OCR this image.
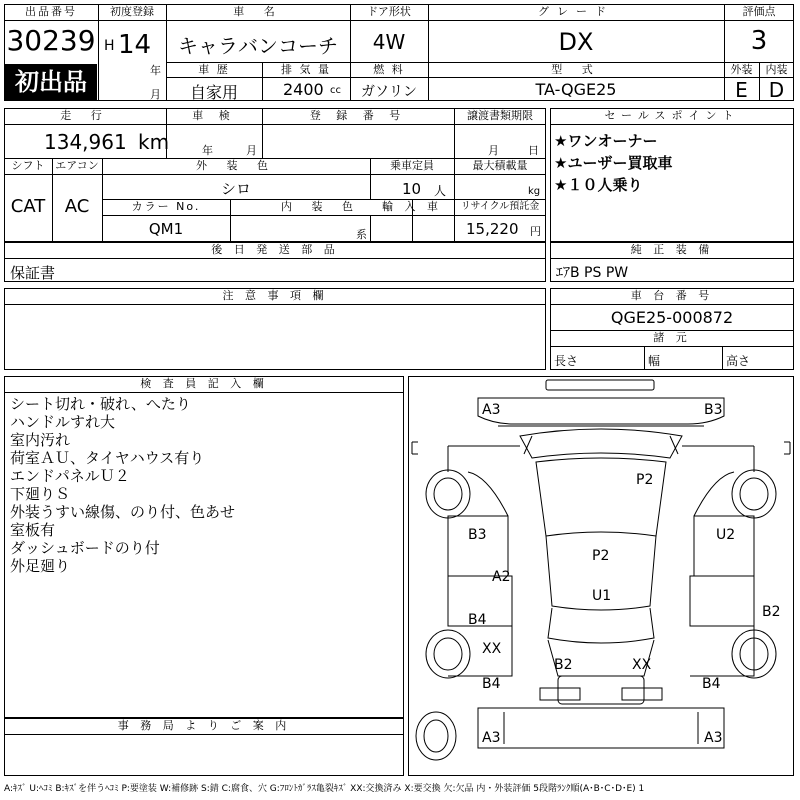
出品番号
30239
初出品
初度登録
H 14
年
月
車 名
キャラバンコーチ
ドア形状
4W
グレード
DX
評価点
3
車 歴
自家用
排 気 量
2400 cc
燃 料
ガソリン
型 式
TA-QGE25
外装	内装
E	D
走 行
134,961 km
車 検
年	月
登 録 番 号	譲渡書類期限
月	日
シフト
CAT
エアコン
AC
外 装 色
シロ
乗車定員
10 人
最大積載量
kg
カラー No.
QM1
内 装 色
系
輸 入 車	リサイクル預託金
15,220 円
セールスポイント
★ワンオーナー
★ユーザー買取車
★１０人乗り
後 日 発 送 部 品
保証書
純 正 装 備
ｴｱB PS PW
注 意 事 項 欄	車 台 番 号
QGE25-000872
諸 元
長さ	幅	高さ
検 査 員 記 入 欄
シート切れ・破れ、へたり
ハンドルすれ大
室内汚れ
荷室ＡＵ、タイヤハウス有り
エンドパネルＵ２
下廻りＳ
外装うすい線傷、のり付、色あせ
室板有
ダッシュボードのり付
外足廻り
事 務 局 よ り ご 案 内
A3	B3
P2
B3	U2
P2
A2
U1
B2
B4
XX
B2	XX
B4	B4
A3	A3
A:ｷｽﾞ U:ﾍｺﾐ B:ｷｽﾞを伴うﾍｺﾐ P:要塗装 W:補修跡 S:錆 C:腐食、穴 G:ﾌﾛﾝﾄｶﾞﾗｽ亀裂ｷｽﾞ XX:交換済み X:要交換 欠:欠品 内・外装評価 5段階ﾗﾝｸ順(A･B･C･D･E) 1
